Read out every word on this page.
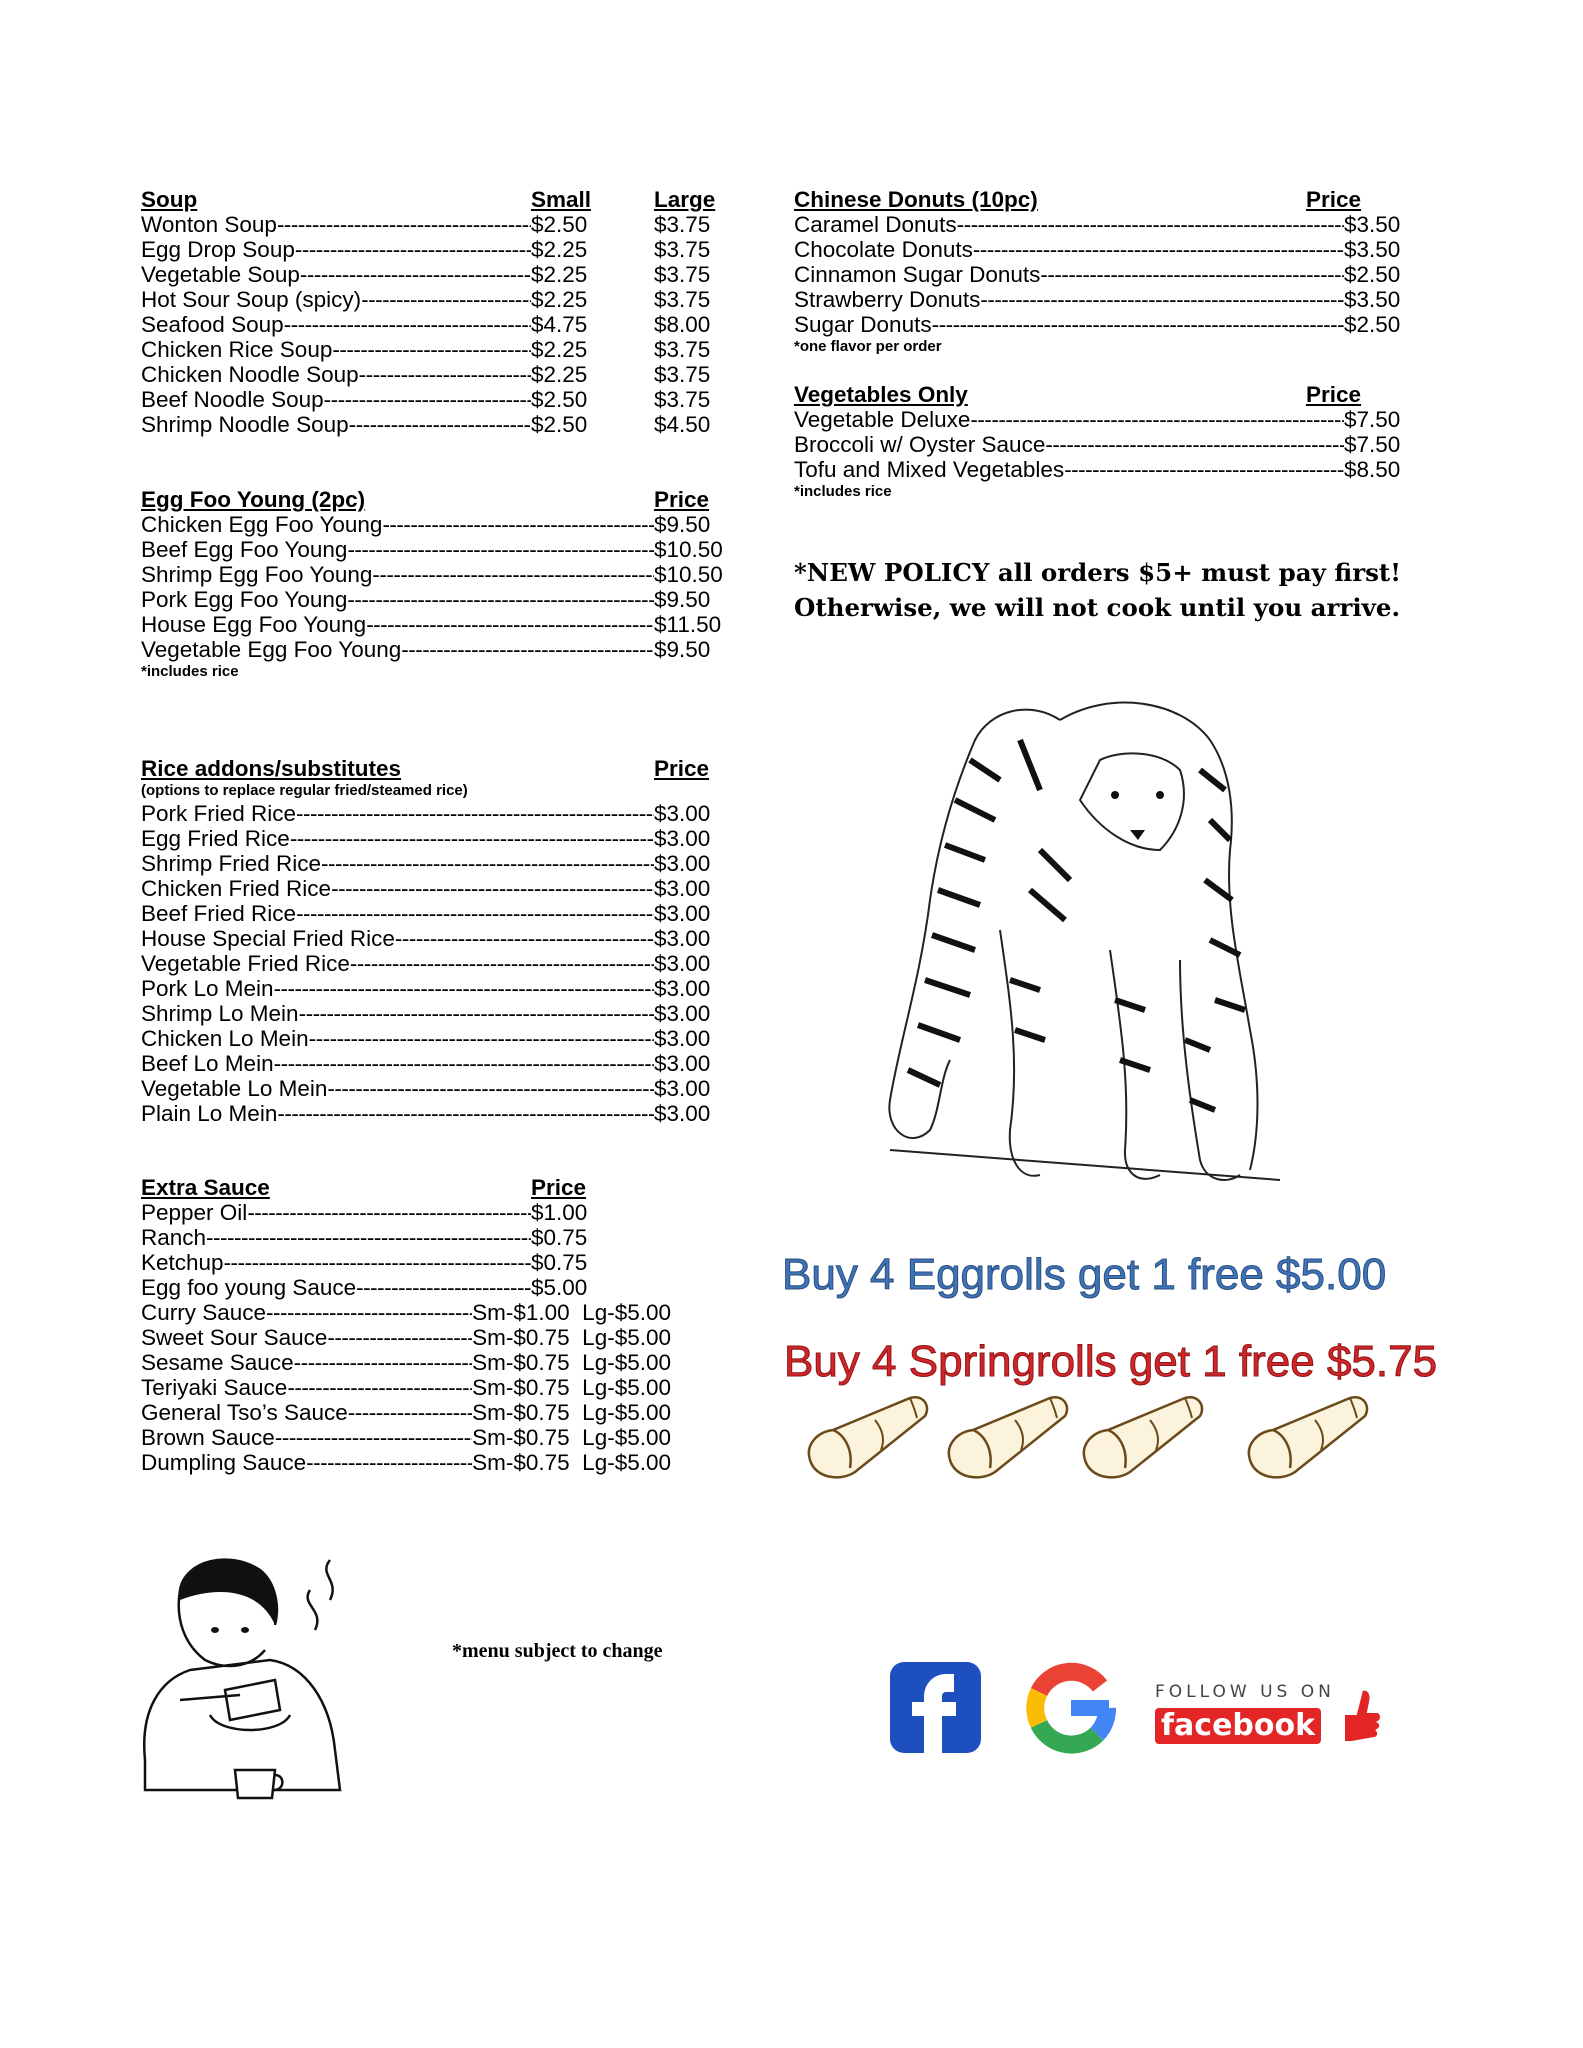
Soup	Small	Large
Wonton Soup -----	$2.50	$3.75
Egg Drop Soup -----	$2.25	$3.75
Vegetable Soup -----	$2.25	$3.75
Hot Sour Soup (spicy) -----	$2.25	$3.75
Seafood Soup -----	$4.75	$8.00
Chicken Rice Soup -----	$2.25	$3.75
Chicken Noodle Soup -----	$2.25	$3.75
Beef Noodle Soup -----	$2.50	$3.75
Shrimp Noodle Soup -----	$2.50	$4.50
Egg Foo Young (2pc)	Price
Chicken Egg Foo Young -----	$9.50
Beef Egg Foo Young -----	$10.50
Shrimp Egg Foo Young -----	$10.50
Pork Egg Foo Young -----	$9.50
House Egg Foo Young -----	$11.50
Vegetable Egg Foo Young -----	$9.50
*includes rice
Rice addons/substitutes	Price
(options to replace regular fried/steamed rice)
Pork Fried Rice -----	$3.00
Egg Fried Rice -----	$3.00
Shrimp Fried Rice -----	$3.00
Chicken Fried Rice -----	$3.00
Beef Fried Rice -----	$3.00
House Special Fried Rice -----	$3.00
Vegetable Fried Rice -----	$3.00
Pork Lo Mein -----	$3.00
Shrimp Lo Mein -----	$3.00
Chicken Lo Mein -----	$3.00
Beef Lo Mein -----	$3.00
Vegetable Lo Mein -----	$3.00
Plain Lo Mein -----	$3.00
Extra Sauce	Price
Pepper Oil -----	$1.00
Ranch -----	$0.75
Ketchup -----	$0.75
Egg foo young Sauce -----	$5.00
Curry Sauce -----	Sm-$1.00  Lg-$5.00
Sweet Sour Sauce -----	Sm-$0.75  Lg-$5.00
Sesame Sauce -----	Sm-$0.75  Lg-$5.00
Teriyaki Sauce -----	Sm-$0.75  Lg-$5.00
General Tso’s Sauce -----	Sm-$0.75  Lg-$5.00
Brown Sauce -----	Sm-$0.75  Lg-$5.00
Dumpling Sauce -----	Sm-$0.75  Lg-$5.00
Chinese Donuts (10pc)	Price
Caramel Donuts -----	$3.50
Chocolate Donuts -----	$3.50
Cinnamon Sugar Donuts -----	$2.50
Strawberry Donuts -----	$3.50
Sugar Donuts -----	$2.50
*one flavor per order
Vegetables Only	Price
Vegetable Deluxe -----	$7.50
Broccoli w/ Oyster Sauce -----	$7.50
Tofu and Mixed Vegetables -----	$8.50
*includes rice
*NEW POLICY all orders $5+ must pay first!
Otherwise, we will not cook until you arrive.
Buy 4 Eggrolls get 1 free $5.00
Buy 4 Springrolls get 1 free $5.75
*menu subject to change
FOLLOW US ON
facebook
